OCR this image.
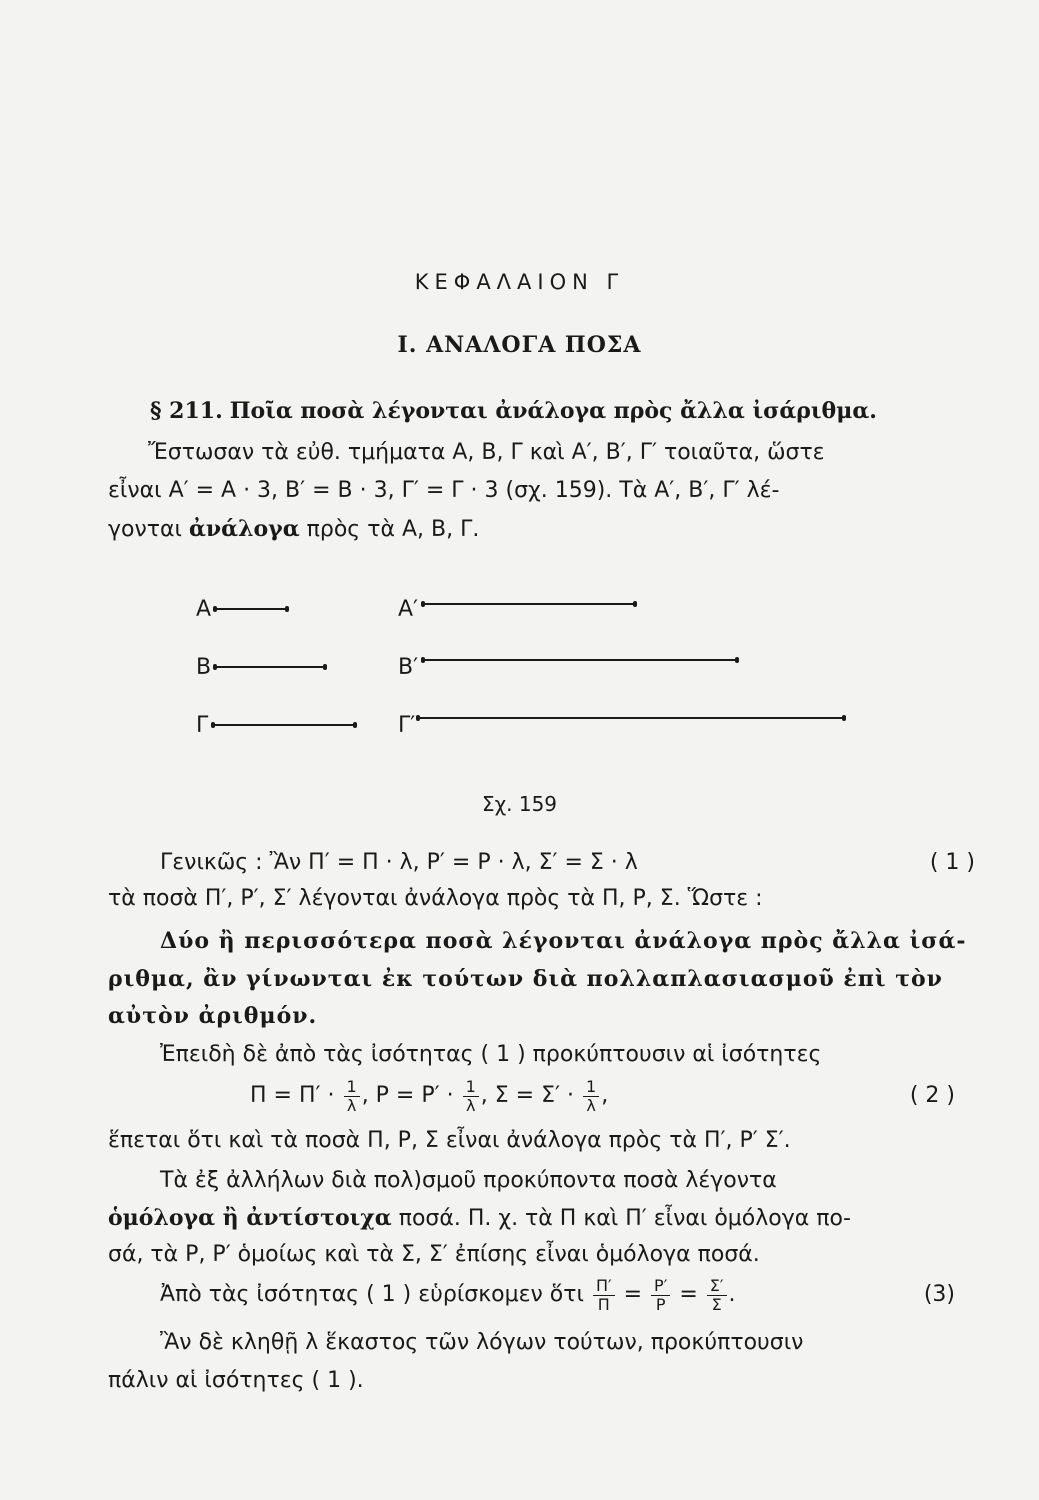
ΚΕΦΑΛΑΙΟΝ Γ
Ι. ΑΝΑΛΟΓΑ ΠΟΣΑ
§ 211. Ποῖα ποσὰ λέγονται ἀνάλογα πρὸς ἄλλα ἰσάριθμα.
Ἔστωσαν τὰ εὐθ. τμήματα Α, Β, Γ καὶ Α′, Β′, Γ′ τοιαῦτα, ὥστε
εἶναι Α′ = Α · 3, Β′ = Β · 3, Γ′ = Γ · 3 (σχ. 159). Τὰ Α′, Β′, Γ′ λέ-
γονται ἀνάλογα πρὸς τὰ Α, Β, Γ.
Α	Α′
Β	Β′
Γ	Γ′
Σχ. 159
Γενικῶς : Ἂν Π′ = Π · λ, Ρ′ = Ρ · λ, Σ′ = Σ · λ	( 1 )
τὰ ποσὰ Π′, Ρ′, Σ′ λέγονται ἀνάλογα πρὸς τὰ Π, Ρ, Σ. Ὥστε :
Δύο ἢ περισσότερα ποσὰ λέγονται ἀνάλογα πρὸς ἄλλα ἰσά-
ριθμα, ἂν γίνωνται ἐκ τούτων διὰ πολλαπλασιασμοῦ ἐπὶ τὸν
αὐτὸν ἀριθμόν.
Ἐπειδὴ δὲ ἀπὸ τὰς ἰσότητας ( 1 ) προκύπτουσιν αἱ ἰσότητες
$\Pi = \Pi' \cdot \frac{1}{\lambda}$ , $P = P' \cdot \frac{1}{\lambda}$ , $\Sigma = \Sigma' \cdot \frac{1}{\lambda}$ ,	( 2 )
ἕπεται ὅτι καὶ τὰ ποσὰ Π, Ρ, Σ εἶναι ἀνάλογα πρὸς τὰ Π′, Ρ′ Σ′.
Τὰ ἐξ ἀλλήλων διὰ πολ)σμοῦ προκύποντα ποσὰ λέγοντα
ὁμόλογα ἢ ἀντίστοιχα ποσά. Π. χ. τὰ Π καὶ Π′ εἶναι ὁμόλογα πο-
σά, τὰ Ρ, Ρ′ ὁμοίως καὶ τὰ Σ, Σ′ ἐπίσης εἶναι ὁμόλογα ποσά.
Ἀπὸ τὰς ἰσότητας ( 1 ) εὑρίσκομεν ὅτι $\frac{\Pi'}{\Pi} = \frac{P'}{P} = \frac{\Sigma'}{\Sigma}$ .	(3)
Ἂν δὲ κληθῇ λ ἕκαστος τῶν λόγων τούτων, προκύπτουσιν
πάλιν αἱ ἰσότητες ( 1 ).
